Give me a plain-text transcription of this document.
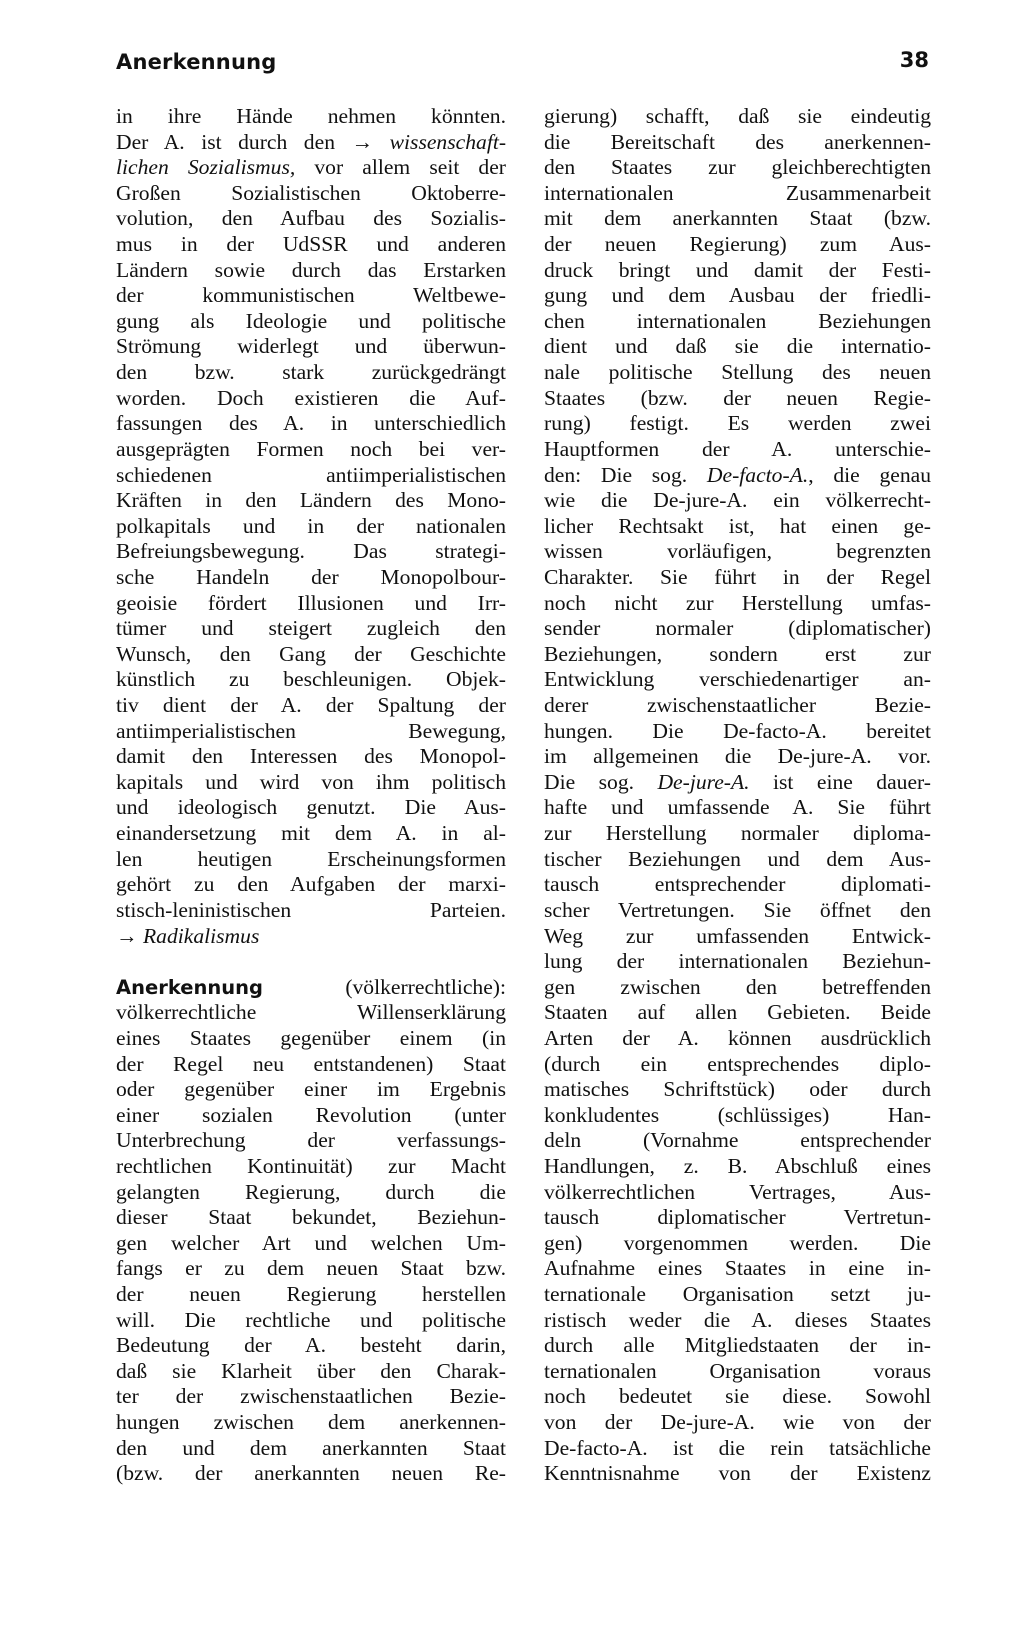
Anerkennung	38
in ihre Hände nehmen könnten.
Der A. ist durch den → wissenschaft-
lichen Sozialismus, vor allem seit der
Großen Sozialistischen Oktoberre-
volution, den Aufbau des Sozialis-
mus in der UdSSR und anderen
Ländern sowie durch das Erstarken
der kommunistischen Weltbewe-
gung als Ideologie und politische
Strömung widerlegt und überwun-
den bzw. stark zurückgedrängt
worden. Doch existieren die Auf-
fassungen des A. in unterschiedlich
ausgeprägten Formen noch bei ver-
schiedenen antiimperialistischen
Kräften in den Ländern des Mono-
polkapitals und in der nationalen
Befreiungsbewegung. Das strategi-
sche Handeln der Monopolbour-
geoisie fördert Illusionen und Irr-
tümer und steigert zugleich den
Wunsch, den Gang der Geschichte
künstlich zu beschleunigen. Objek-
tiv dient der A. der Spaltung der
antiimperialistischen Bewegung,
damit den Interessen des Monopol-
kapitals und wird von ihm politisch
und ideologisch genutzt. Die Aus-
einandersetzung mit dem A. in al-
len heutigen Erscheinungsformen
gehört zu den Aufgaben der marxi-
stisch-leninistischen Parteien.
→ Radikalismus
Anerkennung (völkerrechtliche):
völkerrechtliche Willenserklärung
eines Staates gegenüber einem (in
der Regel neu entstandenen) Staat
oder gegenüber einer im Ergebnis
einer sozialen Revolution (unter
Unterbrechung der verfassungs-
rechtlichen Kontinuität) zur Macht
gelangten Regierung, durch die
dieser Staat bekundet, Beziehun-
gen welcher Art und welchen Um-
fangs er zu dem neuen Staat bzw.
der neuen Regierung herstellen
will. Die rechtliche und politische
Bedeutung der A. besteht darin,
daß sie Klarheit über den Charak-
ter der zwischenstaatlichen Bezie-
hungen zwischen dem anerkennen-
den und dem anerkannten Staat
(bzw. der anerkannten neuen Re-
gierung) schafft, daß sie eindeutig
die Bereitschaft des anerkennen-
den Staates zur gleichberechtigten
internationalen Zusammenarbeit
mit dem anerkannten Staat (bzw.
der neuen Regierung) zum Aus-
druck bringt und damit der Festi-
gung und dem Ausbau der friedli-
chen internationalen Beziehungen
dient und daß sie die internatio-
nale politische Stellung des neuen
Staates (bzw. der neuen Regie-
rung) festigt. Es werden zwei
Hauptformen der A. unterschie-
den: Die sog. De-facto-A., die genau
wie die De-jure-A. ein völkerrecht-
licher Rechtsakt ist, hat einen ge-
wissen vorläufigen, begrenzten
Charakter. Sie führt in der Regel
noch nicht zur Herstellung umfas-
sender normaler (diplomatischer)
Beziehungen, sondern erst zur
Entwicklung verschiedenartiger an-
derer zwischenstaatlicher Bezie-
hungen. Die De-facto-A. bereitet
im allgemeinen die De-jure-A. vor.
Die sog. De-jure-A. ist eine dauer-
hafte und umfassende A. Sie führt
zur Herstellung normaler diploma-
tischer Beziehungen und dem Aus-
tausch entsprechender diplomati-
scher Vertretungen. Sie öffnet den
Weg zur umfassenden Entwick-
lung der internationalen Beziehun-
gen zwischen den betreffenden
Staaten auf allen Gebieten. Beide
Arten der A. können ausdrücklich
(durch ein entsprechendes diplo-
matisches Schriftstück) oder durch
konkludentes (schlüssiges) Han-
deln (Vornahme entsprechender
Handlungen, z. B. Abschluß eines
völkerrechtlichen Vertrages, Aus-
tausch diplomatischer Vertretun-
gen) vorgenommen werden. Die
Aufnahme eines Staates in eine in-
ternationale Organisation setzt ju-
ristisch weder die A. dieses Staates
durch alle Mitgliedstaaten der in-
ternationalen Organisation voraus
noch bedeutet sie diese. Sowohl
von der De-jure-A. wie von der
De-facto-A. ist die rein tatsächliche
Kenntnisnahme von der Existenz
